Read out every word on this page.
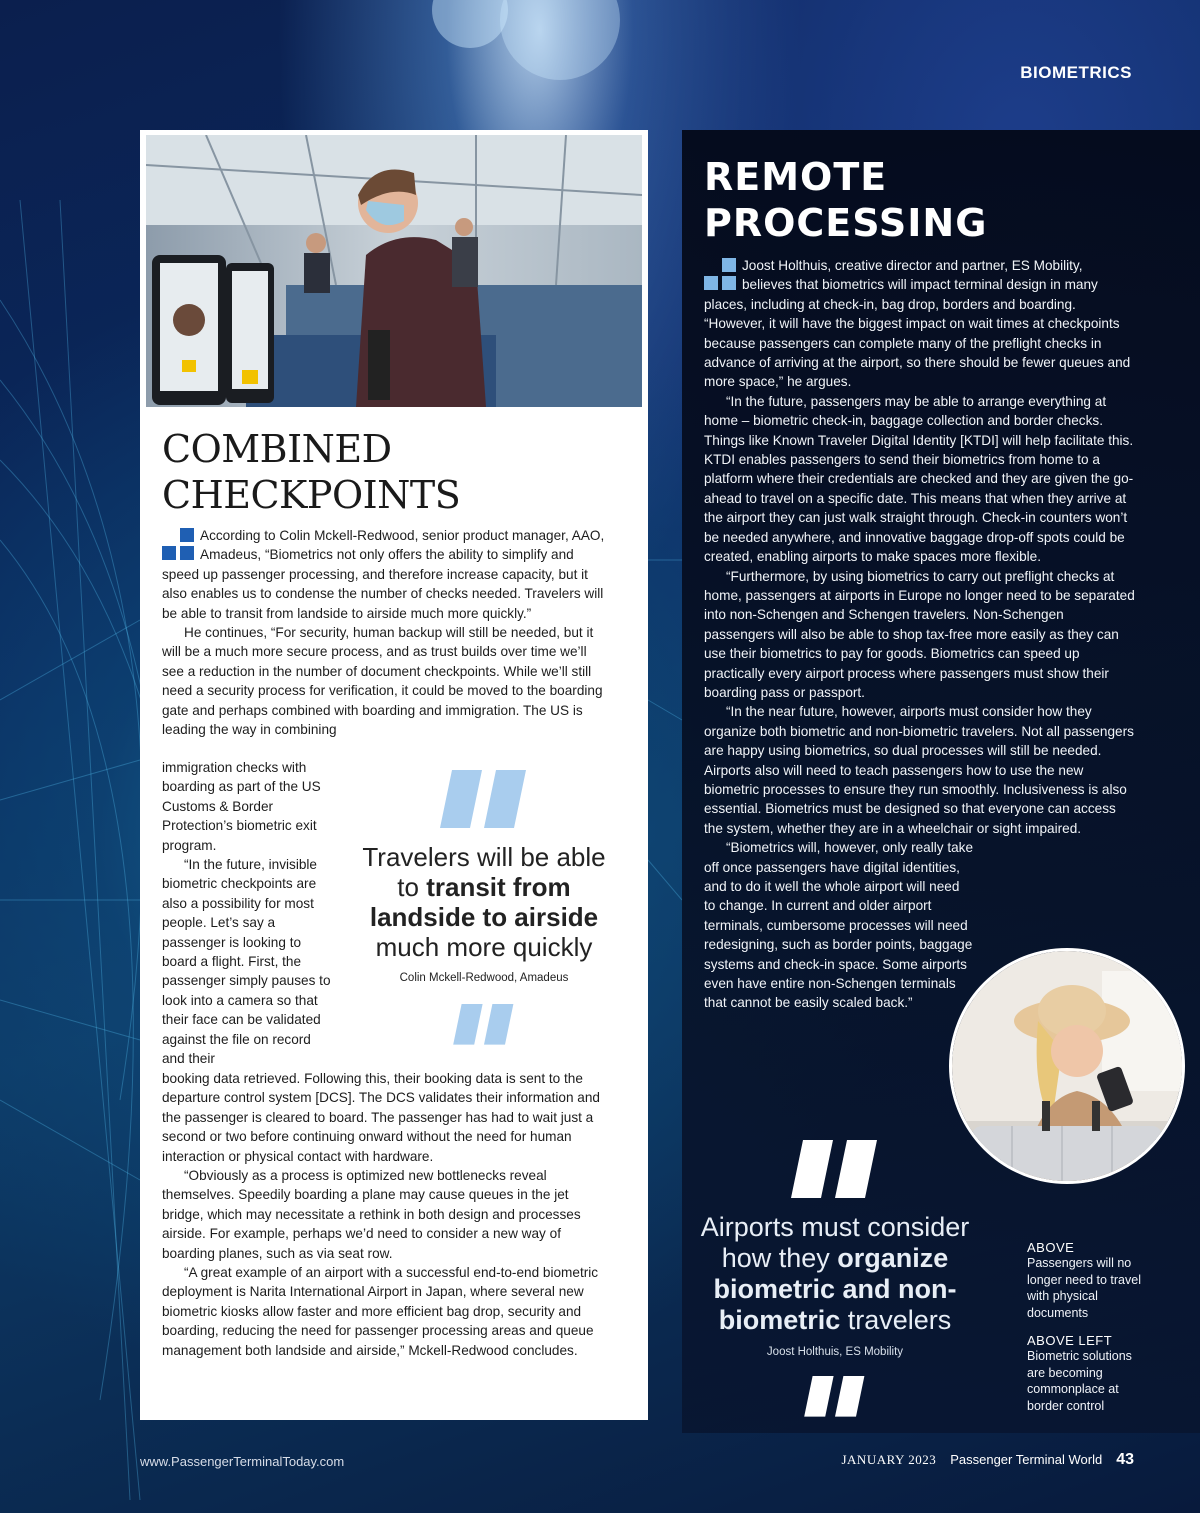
BIOMETRICS
COMBINED
CHECKPOINTS

According to Colin Mckell-Redwood, senior product manager, AAO, Amadeus, “Biometrics not only offers the ability to simplify and speed up passenger processing, and therefore increase capacity, but it also enables us to condense the number of checks needed. Travelers will be able to transit from landside to airside much more quickly.”

He continues, “For security, human backup will still be needed, but it will be a much more secure process, and as trust builds over time we’ll see a reduction in the number of document checkpoints. While we’ll still need a security process for verification, it could be moved to the boarding gate and perhaps combined with boarding and immigration. The US is leading the way in combining

immigration checks with boarding as part of the US Customs & Border Protection’s biometric exit program.

“In the future, invisible biometric checkpoints are also a possibility for most people. Let’s say a passenger is looking to board a flight. First, the passenger simply pauses to look into a camera so that their face can be validated against the file on record and their

Travelers will be able to transit from landside to airside much more quickly
Colin Mckell-Redwood, Amadeus

booking data retrieved. Following this, their booking data is sent to the departure control system [DCS]. The DCS validates their information and the passenger is cleared to board. The passenger has had to wait just a second or two before continuing onward without the need for human interaction or physical contact with hardware.

“Obviously as a process is optimized new bottlenecks reveal themselves. Speedily boarding a plane may cause queues in the jet bridge, which may necessitate a rethink in both design and processes airside. For example, perhaps we’d need to consider a new way of boarding planes, such as via seat row.

“A great example of an airport with a successful end-to-end biometric deployment is Narita International Airport in Japan, where several new biometric kiosks allow faster and more efficient bag drop, security and boarding, reducing the need for passenger processing areas and queue management both landside and airside,” Mckell-Redwood concludes.

REMOTE
PROCESSING

Joost Holthuis, creative director and partner, ES Mobility, believes that biometrics will impact terminal design in many places, including at check-in, bag drop, borders and boarding. “However, it will have the biggest impact on wait times at checkpoints because passengers can complete many of the preflight checks in advance of arriving at the airport, so there should be fewer queues and more space,” he argues.

“In the future, passengers may be able to arrange everything at home – biometric check-in, baggage collection and border checks. Things like Known Traveler Digital Identity [KTDI] will help facilitate this. KTDI enables passengers to send their biometrics from home to a platform where their credentials are checked and they are given the go-ahead to travel on a specific date. This means that when they arrive at the airport they can just walk straight through. Check-in counters won’t be needed anywhere, and innovative baggage drop-off spots could be created, enabling airports to make spaces more flexible.

“Furthermore, by using biometrics to carry out preflight checks at home, passengers at airports in Europe no longer need to be separated into non-Schengen and Schengen travelers. Non-Schengen passengers will also be able to shop tax-free more easily as they can use their biometrics to pay for goods. Biometrics can speed up practically every airport process where passengers must show their boarding pass or passport.

“In the near future, however, airports must consider how they organize both biometric and non-biometric travelers. Not all passengers are happy using biometrics, so dual processes will still be needed. Airports also will need to teach passengers how to use the new biometric processes to ensure they run smoothly. Inclusiveness is also essential. Biometrics must be designed so that everyone can access the system, whether they are in a wheelchair or sight impaired.

“Biometrics will, however, only really take off once passengers have digital identities, and to do it well the whole airport will need to change. In current and older airport terminals, cumbersome processes will need redesigning, such as border points, baggage systems and check-in space. Some airports even have entire non-Schengen terminals that cannot be easily scaled back.”

Airports must consider how they organize biometric and non-biometric travelers
Joost Holthuis, ES Mobility
ABOVE
Passengers will no longer need to travel with physical documents
ABOVE LEFT
Biometric solutions are becoming commonplace at border control
www.PassengerTerminalToday.com	JANUARY 2023 Passenger Terminal World 43
